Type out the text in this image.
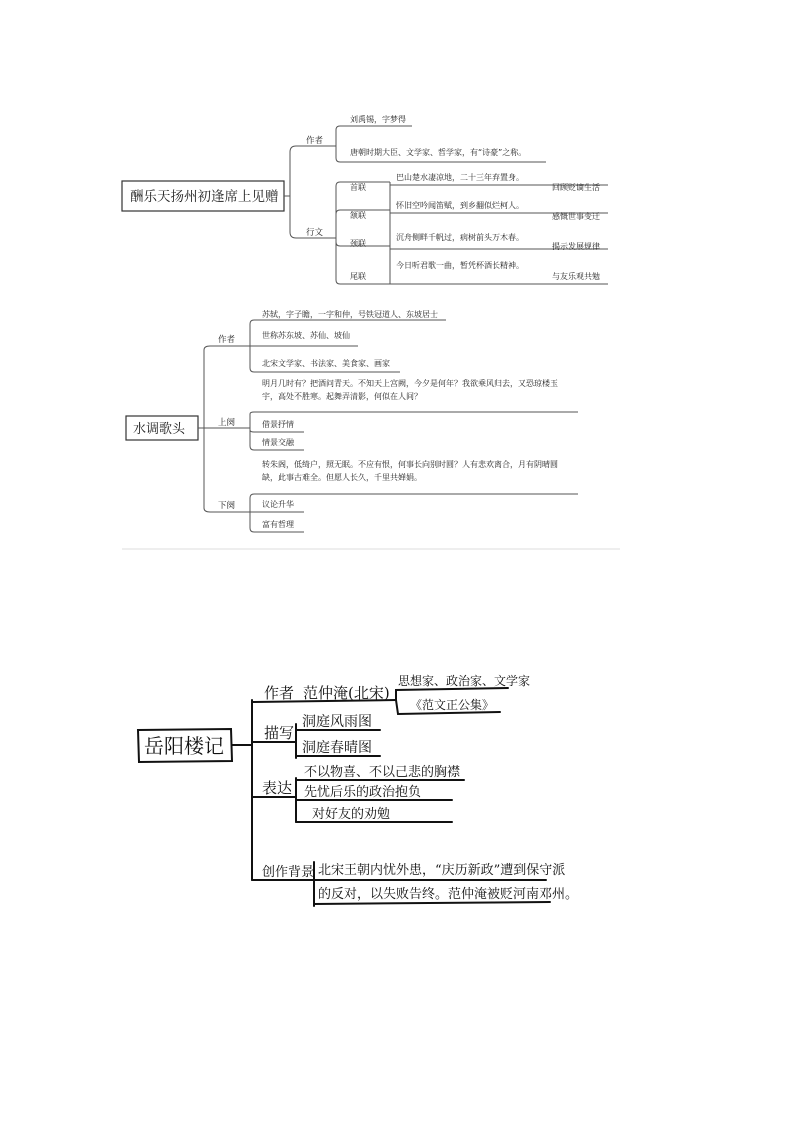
酬乐天扬州初逢席上见赠
作者
行文
刘禹锡，字梦得
唐朝时期大臣、文学家、哲学家，有“诗豪”之称。
首联
颔联
颈联
尾联
巴山楚水凄凉地，二十三年弃置身。
怀旧空吟闻笛赋，到乡翻似烂柯人。
沉舟侧畔千帆过，病树前头万木春。
今日听君歌一曲，暂凭杯酒长精神。
回顾贬谪生活
感慨世事变迁
揭示发展规律
与友乐观共勉
水调歌头
作者
上阕
下阕
苏轼，字子瞻，一字和仲，号铁冠道人、东坡居士
世称苏东坡、苏仙、坡仙
北宋文学家、书法家、美食家、画家
明月几时有？把酒问青天。不知天上宫阙，今夕是何年？我欲乘风归去，又恐琼楼玉
宇，高处不胜寒。起舞弄清影，何似在人间？
借景抒情
情景交融
转朱阁，低绮户，照无眠。不应有恨，何事长向别时圆？人有悲欢离合，月有阴晴圆
缺，此事古难全。但愿人长久，千里共婵娟。
议论升华
富有哲理
岳阳楼记
作者 范仲淹(北宋)
思想家、政治家、文学家
《范文正公集》
描写
洞庭风雨图
洞庭春晴图
表达
不以物喜、不以己悲的胸襟
先忧后乐的政治抱负
对好友的劝勉
创作背景 北宋王朝内忧外患，“庆历新政”遭到保守派
的反对，以失败告终。范仲淹被贬河南邓州。
